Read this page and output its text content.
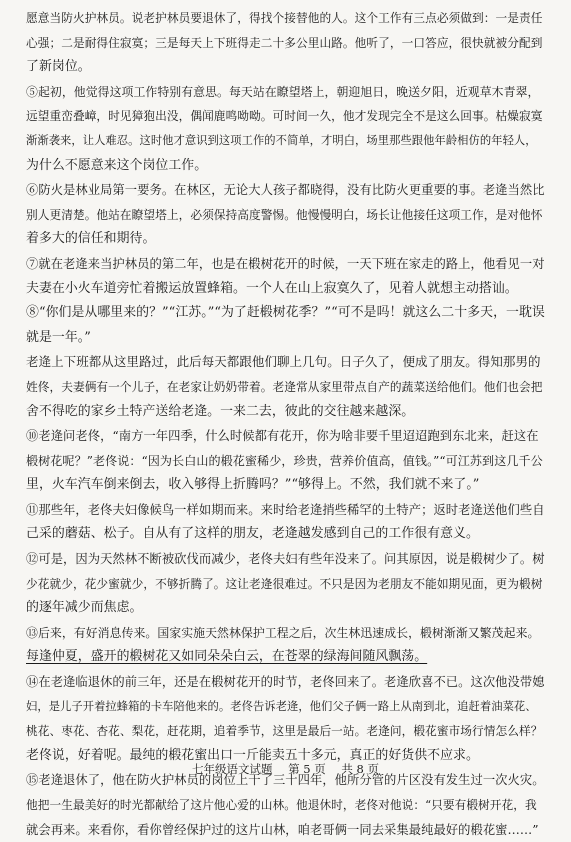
愿意当防火护林员。说老护林员要退休了，得找个接替他的人。这个工作有三点必须做到：一是责任

心强；二是耐得住寂寞；三是每天上下班得走二十多公里山路。他听了，一口答应，很快就被分配到

了新岗位。

⑤起初，他觉得这项工作特别有意思。每天站在瞭望塔上，朝迎旭日，晚送夕阳，近观草木青翠，

远望重峦叠嶂，时见獐狍出没，偶闻鹿鸣呦呦。可时间一久，他才发现完全不是这么回事。枯燥寂寞

渐渐袭来，让人难忍。这时他才意识到这项工作的不简单，才明白，场里那些跟他年龄相仿的年轻人，

为什么不愿意来这个岗位工作。

⑥防火是林业局第一要务。在林区，无论大人孩子都晓得，没有比防火更重要的事。老逄当然比

别人更清楚。他站在瞭望塔上，必须保持高度警惕。他慢慢明白，场长让他接任这项工作，是对他怀

着多大的信任和期待。

⑦就在老逄来当护林员的第二年，也是在椴树花开的时候，一天下班在家走的路上，他看见一对

夫妻在小火车道旁忙着搬运放置蜂箱。一个人在山上寂寞久了，见着人就想主动搭讪。

⑧“你们是从哪里来的？”“江苏。”“为了赶椴树花季？”“可不是吗！就这么二十多天，一耽误

就是一年。”

老逄上下班都从这里路过，此后每天都跟他们聊上几句。日子久了，便成了朋友。得知那男的

姓佟，夫妻俩有一个儿子，在老家让奶奶带着。老逄常从家里带点自产的蔬菜送给他们。他们也会把

舍不得吃的家乡土特产送给老逄。一来二去，彼此的交往越来越深。

⑩老逄问老佟，“南方一年四季，什么时候都有花开，你为啥非要千里迢迢跑到东北来，赶这在

椴树花呢？”老佟说：“因为长白山的椴花蜜稀少，珍贵，营养价值高，值钱。”“可江苏到这几千公

里，火车汽车倒来倒去，收入够得上折腾吗？”“够得上。不然，我们就不来了。”

⑪那些年，老佟夫妇像候鸟一样如期而来。来时给老逄捎些稀罕的土特产；返时老逄送他们些自

己采的蘑菇、松子。自从有了这样的朋友，老逄越发感到自己的工作很有意义。

⑫可是，因为天然林不断被砍伐而减少，老佟夫妇有些年没来了。问其原因，说是椴树少了。树

少花就少，花少蜜就少，不够折腾了。这让老逄很难过。不只是因为老朋友不能如期见面，更为椴树

的逐年减少而焦虑。

⑬后来，有好消息传来。国家实施天然林保护工程之后，次生林迅速成长，椴树渐渐又繁茂起来。

每逢仲夏，盛开的椴树花又如同朵朵白云，在苍翠的绿海间随风飘荡。

⑭在老逄临退休的前三年，还是在椴树花开的时节，老佟回来了。老逄欣喜不已。这次他没带媳

妇，是儿子开着拉蜂箱的卡车陪他来的。老佟告诉老逄，他们父子俩一路上从南到北，追赶着油菜花、

桃花、枣花、杏花、梨花，赶花期，追着季节，这里是最后一站。老逄问，椴花蜜市场行情怎么样？

老佟说，好着呢。最纯的椴花蜜出口一斤能卖五十多元，真正的好货供不应求。

⑮老逄退休了，他在防火护林员的岗位上干了三十四年，他所分管的片区没有发生过一次火灾。

他把一生最美好的时光都献给了这片他心爱的山林。他退休时，老佟对他说：“只要有椴树开花，我

就会再来。来看你，看你曾经保护过的这片山林，咱老哥俩一同去采集最纯最好的椴花蜜……”

七年级语文试题 第 5 页 共 8 页
